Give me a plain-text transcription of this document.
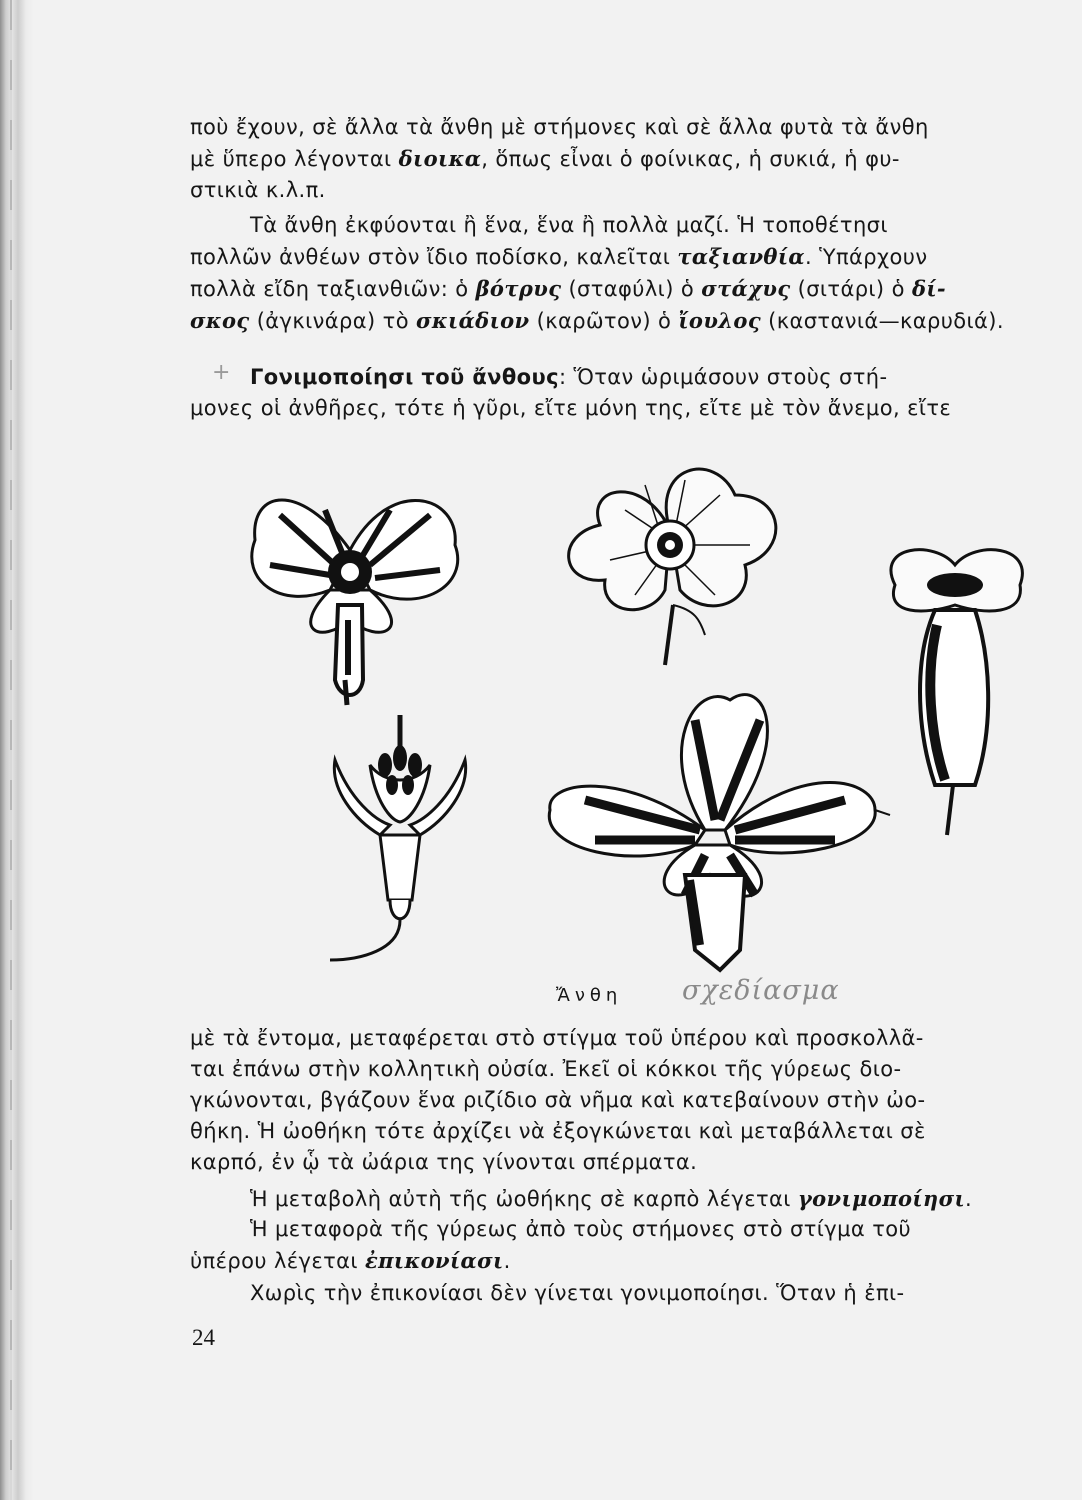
ποὺ ἔχουν, σὲ ἄλλα τὰ ἄνθη μὲ στήμονες καὶ σὲ ἄλλα φυτὰ τὰ ἄνθη
μὲ ὕπερο λέγονται διοικα, ὅπως εἶναι ὁ φοίνικας, ἡ συκιά, ἡ φυ-
στικιὰ κ.λ.π.

Τὰ ἄνθη ἐκφύονται ἢ ἕνα, ἕνα ἢ πολλὰ μαζί. Ἡ τοποθέτησι
πολλῶν ἀνθέων στὸν ἴδιο ποδίσκο, καλεῖται ταξιανθία. Ὑπάρχουν
πολλὰ εἴδη ταξιανθιῶν: ὁ βότρυς (σταφύλι) ὁ στάχυς (σιτάρι) ὁ δί-
σκος (ἀγκινάρα) τὸ σκιάδιον (καρῶτον) ὁ ἴουλος (καστανιά—καρυδιά).

+ Γονιμοποίησι τοῦ ἄνθους: Ὅταν ὡριμάσουν στοὺς στή-
μονες οἱ ἀνθῆρες, τότε ἡ γῦρι, εἴτε μόνη της, εἴτε μὲ τὸν ἄνεμο, εἴτε

Ἄνθη σχεδίασμα

μὲ τὰ ἔντομα, μεταφέρεται στὸ στίγμα τοῦ ὑπέρου καὶ προσκολλᾶ-
ται ἐπάνω στὴν κολλητικὴ οὐσία. Ἐκεῖ οἱ κόκκοι τῆς γύρεως διο-
γκώνονται, βγάζουν ἕνα ριζίδιο σὰ νῆμα καὶ κατεβαίνουν στὴν ὠο-
θήκη. Ἡ ὠοθήκη τότε ἀρχίζει νὰ ἐξογκώνεται καὶ μεταβάλλεται σὲ
καρπό, ἐν ᾧ τὰ ὠάρια της γίνονται σπέρματα.

Ἡ μεταβολὴ αὐτὴ τῆς ὠοθήκης σὲ καρπὸ λέγεται γονιμοποίησι.

Ἡ μεταφορὰ τῆς γύρεως ἀπὸ τοὺς στήμονες στὸ στίγμα τοῦ
ὑπέρου λέγεται ἐπικονίασι.

Χωρὶς τὴν ἐπικονίασι δὲν γίνεται γονιμοποίησι. Ὅταν ἡ ἐπι-

24
